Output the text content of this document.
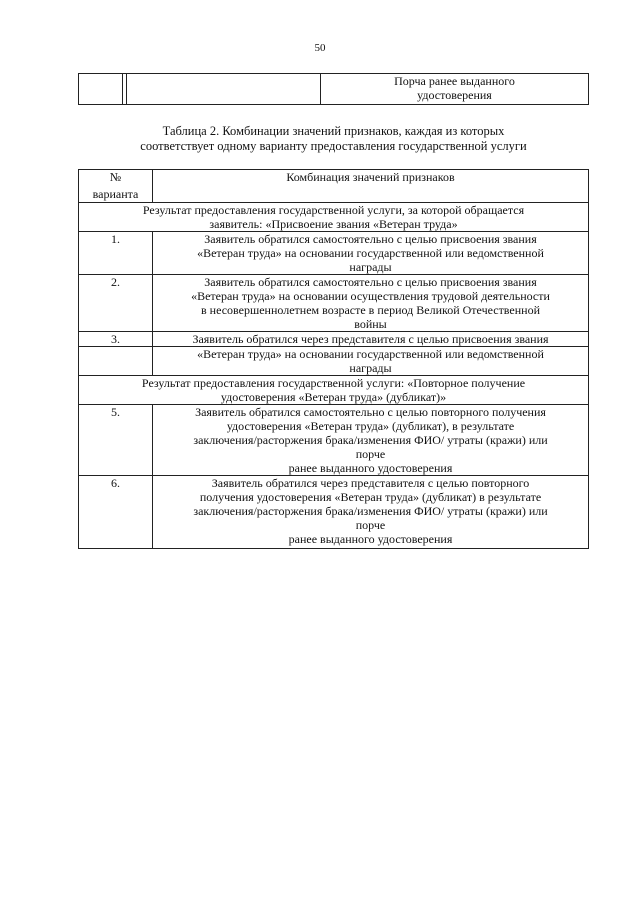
50

Порча ранее выданного
удостоверения
Таблица 2. Комбинации значений признаков, каждая из которых
соответствует одному варианту предоставления государственной услуги
№
варианта	Комбинация значений признаков

Результат предоставления государственной услуги, за которой обращается
заявитель: «Присвоение звания «Ветеран труда»	

1.	Заявитель обратился самостоятельно с целью присвоения звания
«Ветеран труда» на основании государственной или ведомственной
награды

2.	Заявитель обратился самостоятельно с целью присвоения звания
«Ветеран труда» на основании осуществления трудовой деятельности
в несовершеннолетнем возрасте в период Великой Отечественной
войны

3.	Заявитель обратился через представителя с целью присвоения звания

	«Ветеран труда» на основании государственной или ведомственной
награды

Результат предоставления государственной услуги: «Повторное получение
удостоверения «Ветеран труда» (дубликат)»	

5.	Заявитель обратился самостоятельно с целью повторного получения
удостоверения «Ветеран труда» (дубликат), в результате
заключения/расторжения брака/изменения ФИО/ утраты (кражи) или
порче
ранее выданного удостоверения

6.	Заявитель обратился через представителя с целью повторного
получения удостоверения «Ветеран труда» (дубликат) в результате
заключения/расторжения брака/изменения ФИО/ утраты (кражи) или
порче
ранее выданного удостоверения
